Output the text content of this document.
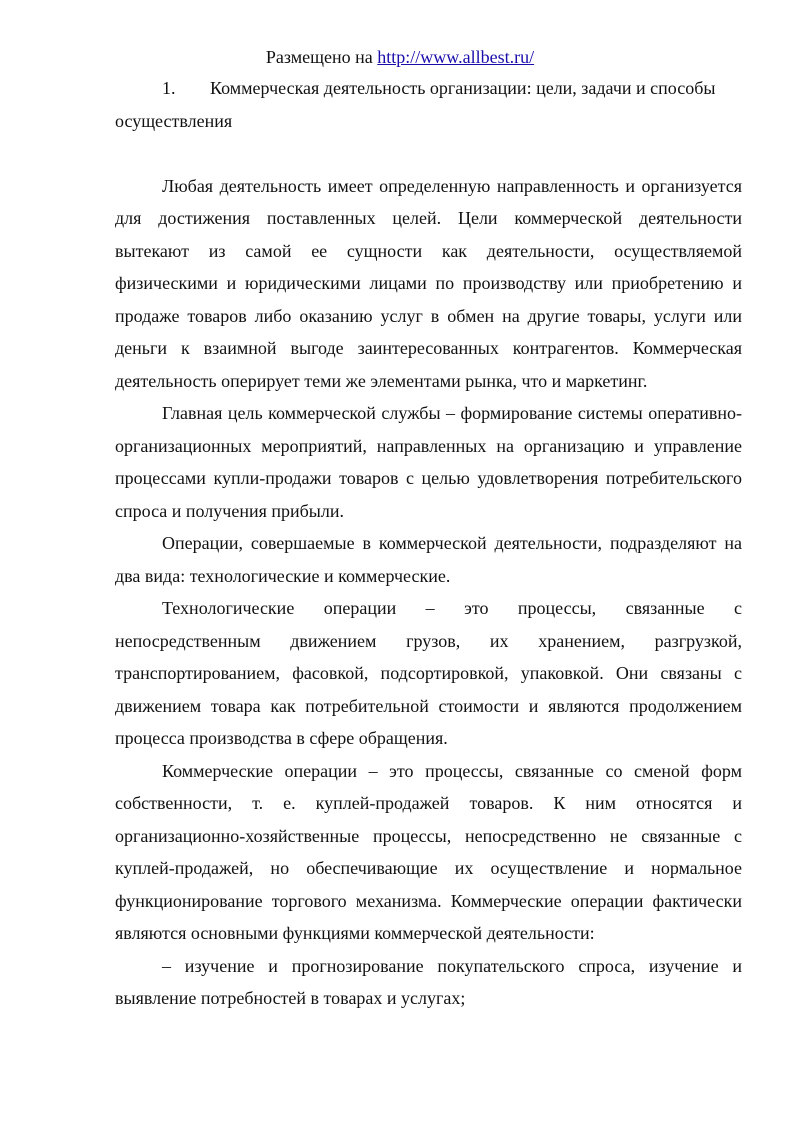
Размещено на http://www.allbest.ru/
1.	Коммерческая деятельность организации: цели, задачи и способы
осуществления

Любая деятельность имеет определенную направленность и организуется для достижения поставленных целей. Цели коммерческой деятельности вытекают из самой ее сущности как деятельности, осуществляемой физическими и юридическими лицами по производству или приобретению и продаже товаров либо оказанию услуг в обмен на другие товары, услуги или деньги к взаимной выгоде заинтересованных контрагентов. Коммерческая деятельность оперирует теми же элементами рынка, что и маркетинг.

Главная цель коммерческой службы – формирование системы оперативно-организационных мероприятий, направленных на организацию и управление процессами купли-продажи товаров с целью удовлетворения потребительского спроса и получения прибыли.

Операции, совершаемые в коммерческой деятельности, подразделяют на два вида: технологические и коммерческие.

Технологические операции – это процессы, связанные с непосредственным движением грузов, их хранением, разгрузкой, транспортированием, фасовкой, подсортировкой, упаковкой. Они связаны с движением товара как потребительной стоимости и являются продолжением процесса производства в сфере обращения.

Коммерческие операции – это процессы, связанные со сменой форм собственности, т. е. куплей-продажей товаров. К ним относятся и организационно-хозяйственные процессы, непосредственно не связанные с куплей-продажей, но обеспечивающие их осуществление и нормальное функционирование торгового механизма. Коммерческие операции фактически являются основными функциями коммерческой деятельности:

– изучение и прогнозирование покупательского спроса, изучение и выявление потребностей в товарах и услугах;
